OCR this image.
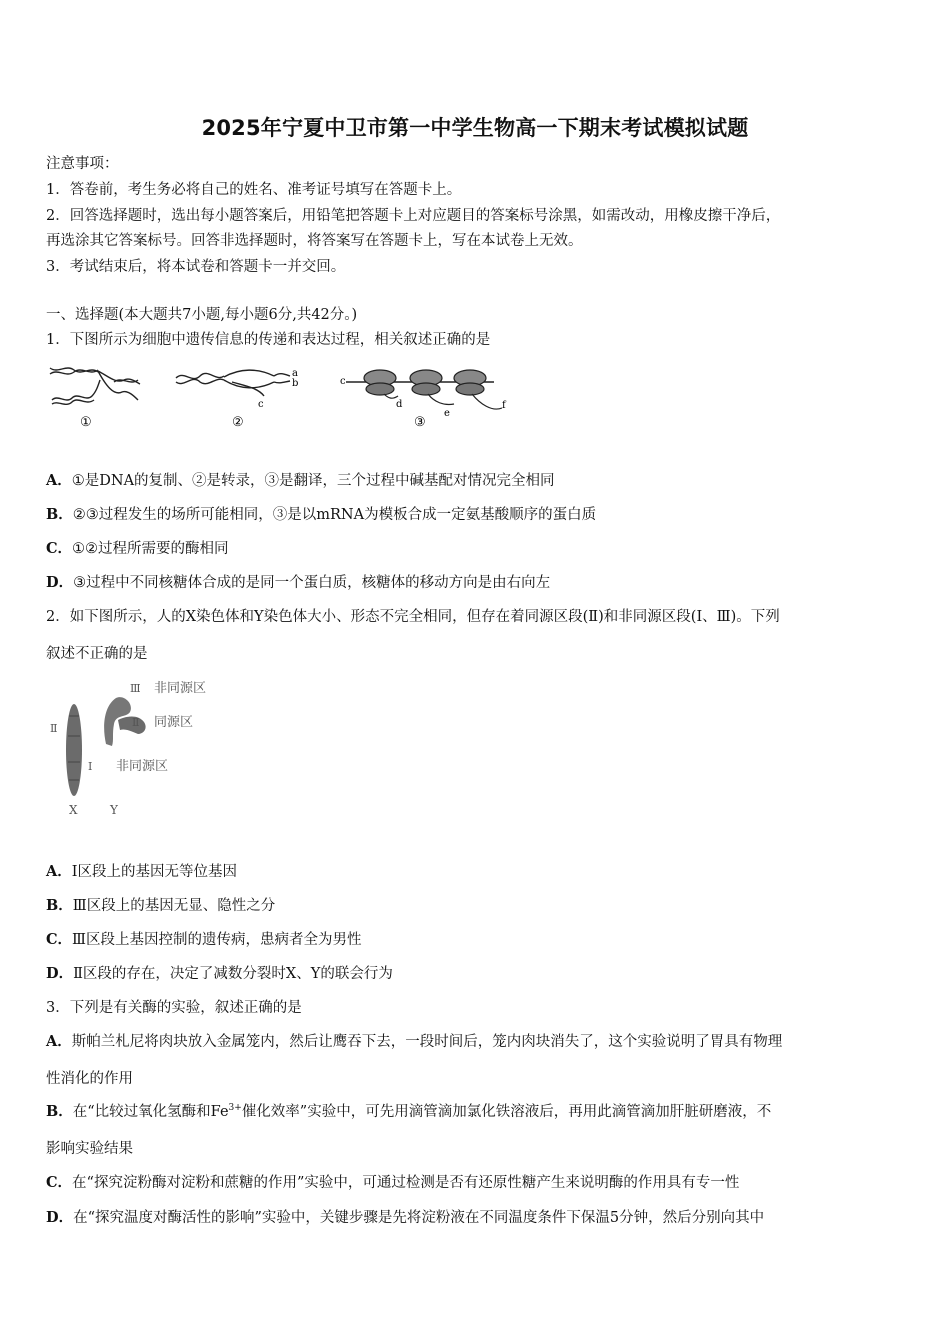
2025年宁夏中卫市第一中学生物高一下期末考试模拟试题
注意事项：
1．答卷前，考生务必将自己的姓名、准考证号填写在答题卡上。
2．回答选择题时，选出每小题答案后，用铅笔把答题卡上对应题目的答案标号涂黑，如需改动，用橡皮擦干净后，
再选涂其它答案标号。回答非选择题时，将答案写在答题卡上，写在本试卷上无效。
3．考试结束后，将本试卷和答题卡一并交回。
一、选择题(本大题共7小题,每小题6分,共42分。)
1．下图所示为细胞中遗传信息的传递和表达过程，相关叙述正确的是
①
a
b
c
②
c
d
e
f
③
A．①是DNA的复制、②是转录，③是翻译，三个过程中碱基配对情况完全相同
B．②③过程发生的场所可能相同，③是以mRNA为模板合成一定氨基酸顺序的蛋白质
C．①②过程所需要的酶相同
D．③过程中不同核糖体合成的是同一个蛋白质，核糖体的移动方向是由右向左
2．如下图所示，人的X染色体和Y染色体大小、形态不完全相同，但存在着同源区段(Ⅱ)和非同源区段(Ⅰ、Ⅲ)。下列
叙述不正确的是
Ⅱ
Ⅲ 非同源区
Ⅱ 同源区
Ⅰ 非同源区
X	Y
A．Ⅰ区段上的基因无等位基因
B．Ⅲ区段上的基因无显、隐性之分
C．Ⅲ区段上基因控制的遗传病，患病者全为男性
D．Ⅱ区段的存在，决定了减数分裂时X、Y的联会行为
3．下列是有关酶的实验，叙述正确的是
A．斯帕兰札尼将肉块放入金属笼内，然后让鹰吞下去，一段时间后，笼内肉块消失了，这个实验说明了胃具有物理
性消化的作用
B．在“比较过氧化氢酶和$Fe^{3+}$催化效率”实验中，可先用滴管滴加氯化铁溶液后，再用此滴管滴加肝脏研磨液，不
影响实验结果
C．在“探究淀粉酶对淀粉和蔗糖的作用”实验中，可通过检测是否有还原性糖产生来说明酶的作用具有专一性
D．在“探究温度对酶活性的影响”实验中，关键步骤是先将淀粉液在不同温度条件下保温5分钟，然后分别向其中
